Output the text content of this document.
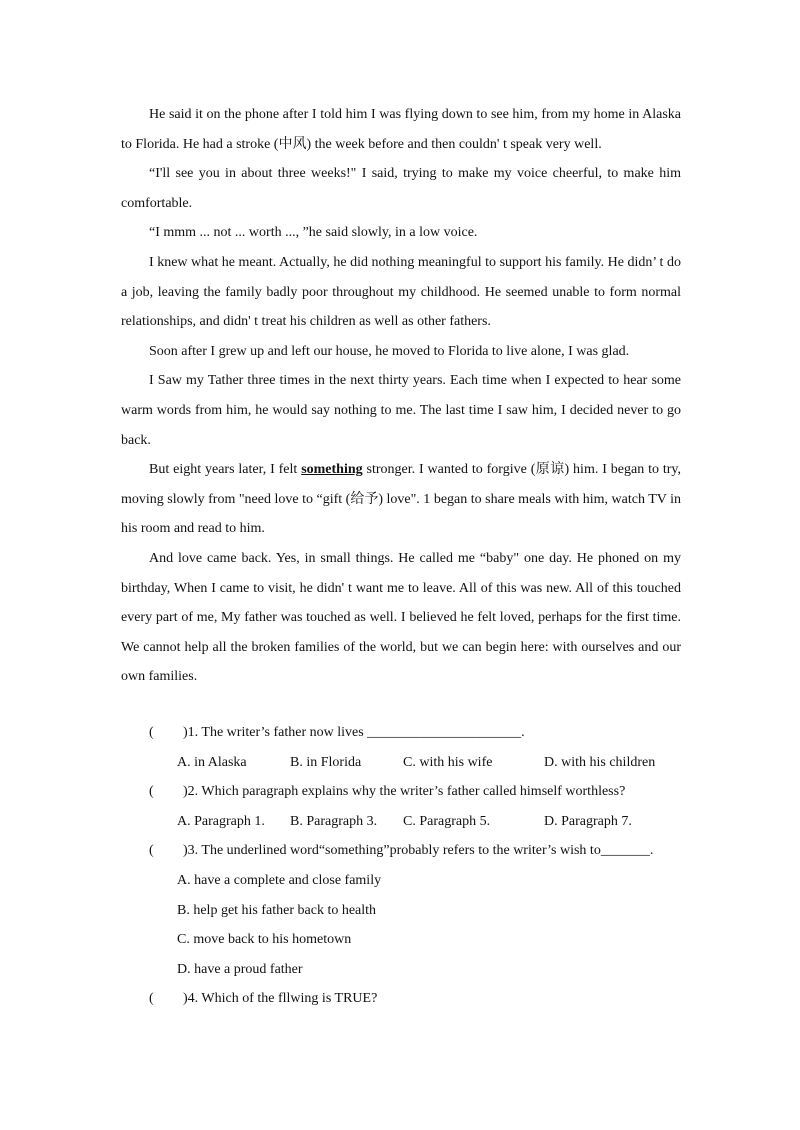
He said it on the phone after I told him I was flying down to see him, from my home in Alaska to Florida. He had a stroke (中风) the week before and then couldn' t speak very well.

“I'll see you in about three weeks!" I said, trying to make my voice cheerful, to make him comfortable.

“I mmm ... not ... worth ..., ”he said slowly, in a low voice.

I knew what he meant. Actually, he did nothing meaningful to support his family. He didn’ t do a job, leaving the family badly poor throughout my childhood. He seemed unable to form normal relationships, and didn' t treat his children as well as other fathers.

Soon after I grew up and left our house, he moved to Florida to live alone, I was glad.

I Saw my Tather three times in the next thirty years. Each time when I expected to hear some warm words from him, he would say nothing to me. The last time I saw him, I decided never to go back.

But eight years later, I felt something stronger. I wanted to forgive (原谅) him. I began to try, moving slowly from "need love to “gift (给予) love". 1 began to share meals with him, watch TV in his room and read to him.

And love came back. Yes, in small things. He called me “baby" one day. He phoned on my birthday, When I came to visit, he didn' t want me to leave. All of this was new. All of this touched every part of me, My father was touched as well. I believed he felt loved, perhaps for the first time. We cannot help all the broken families of the world, but we can begin here: with ourselves and our own families.

(	)1. The writer’s father now lives ______________________.
A. in Alaska	B. in Florida	C. with his wife	D. with his children
(	)2. Which paragraph explains why the writer’s father called himself worthless?
A. Paragraph 1.	B. Paragraph 3.	C. Paragraph 5.	D. Paragraph 7.
(	)3. The underlined word“something”probably refers to the writer’s wish to_______.
A. have a complete and close family
B. help get his father back to health
C. move back to his hometown
D. have a proud father
(	)4. Which of the fllwing is TRUE?
